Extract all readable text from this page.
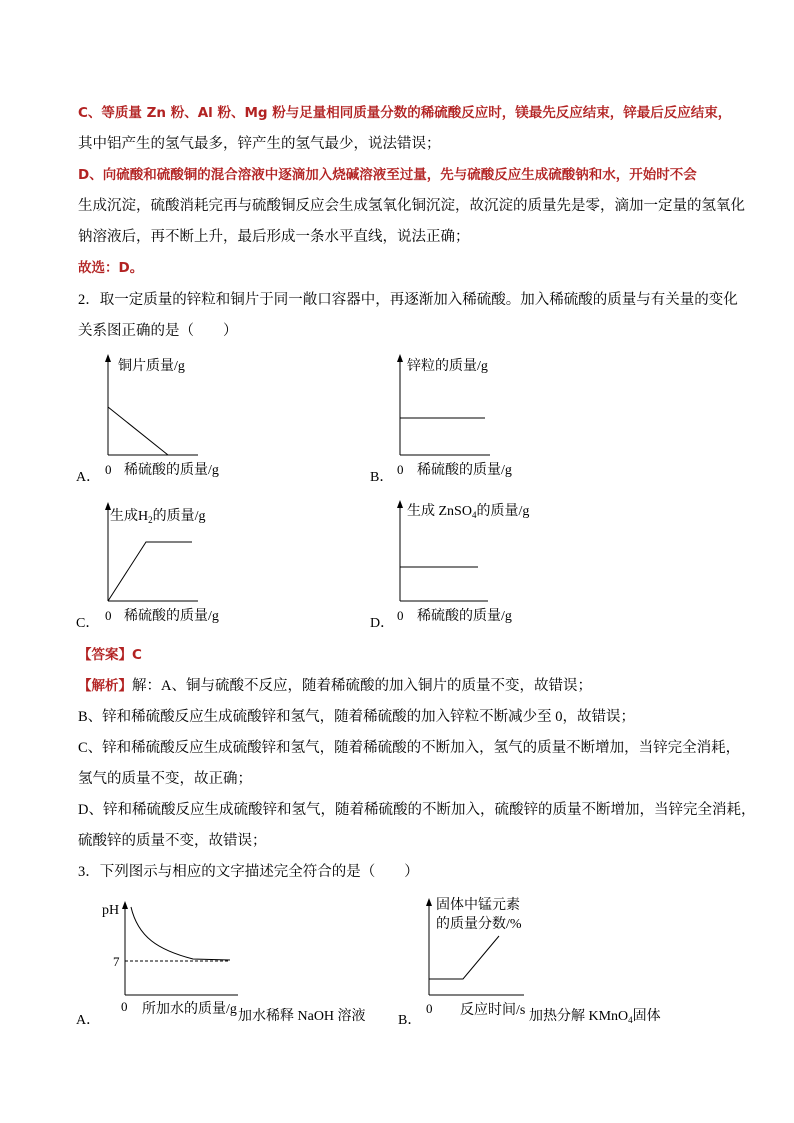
C、等质量 Zn 粉、Al 粉、Mg 粉与足量相同质量分数的稀硫酸反应时，镁最先反应结束，锌最后反应结束，
其中铝产生的氢气最多，锌产生的氢气最少，说法错误；
D、向硫酸和硫酸铜的混合溶液中逐滴加入烧碱溶液至过量，先与硫酸反应生成硫酸钠和水，开始时不会
生成沉淀，硫酸消耗完再与硫酸铜反应会生成氢氧化铜沉淀，故沉淀的质量先是零，滴加一定量的氢氧化
钠溶液后，再不断上升，最后形成一条水平直线，说法正确；
故选：D。
2．取一定质量的锌粒和铜片于同一敞口容器中，再逐渐加入稀硫酸。加入稀硫酸的质量与有关量的变化
关系图正确的是（　　）
A．
铜片质量/g
0 稀硫酸的质量/g	B．
锌粒的质量/g
0 稀硫酸的质量/g
C．
生成$H_2$的质量/g
0 稀硫酸的质量/g	D．
生成 ZnSO$_4$的质量/g
0 稀硫酸的质量/g
【答案】C
【解析】解：A、铜与硫酸不反应，随着稀硫酸的加入铜片的质量不变，故错误；
B、锌和稀硫酸反应生成硫酸锌和氢气，随着稀硫酸的加入锌粒不断减少至 0，故错误；
C、锌和稀硫酸反应生成硫酸锌和氢气，随着稀硫酸的不断加入，氢气的质量不断增加，当锌完全消耗，
氢气的质量不变，故正确；
D、锌和稀硫酸反应生成硫酸锌和氢气，随着稀硫酸的不断加入，硫酸锌的质量不断增加，当锌完全消耗，
硫酸锌的质量不变，故错误；
3．下列图示与相应的文字描述完全符合的是（　　）
A．
pH
7
0 所加水的质量/g 加水稀释 NaOH 溶液 B．
固体中锰元素
的质量分数/%
0 反应时间/s 加热分解 KMnO$_4$固体
